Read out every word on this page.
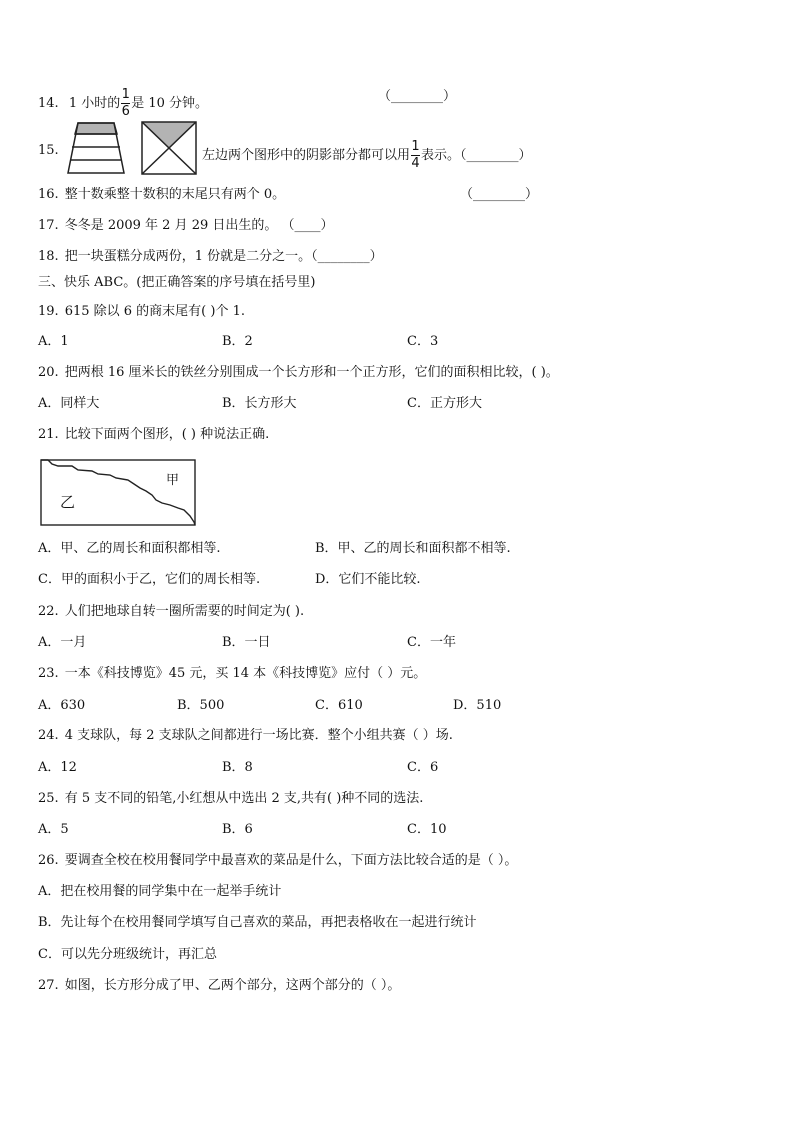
14. 1 小时的 $\frac{1}{6}$ 是 10 分钟。	（________）
15.	左边两个图形中的阴影部分都可以用 $\frac{1}{4}$ 表示。（________）
16. 整十数乘整十数积的末尾只有两个 0。	（________）
17. 冬冬是 2009 年 2 月 29 日出生的。 （____）
18. 把一块蛋糕分成两份，1 份就是二分之一。（________）
三、快乐 ABC。(把正确答案的序号填在括号里)
19. 615 除以 6 的商末尾有( )个 1.
A．1	B．2	C．3
20. 把两根 16 厘米长的铁丝分别围成一个长方形和一个正方形，它们的面积相比较，( )。
A．同样大	B．长方形大	C．正方形大
21. 比较下面两个图形，( ) 种说法正确.
甲
乙
A．甲、乙的周长和面积都相等.	B．甲、乙的周长和面积都不相等.
C．甲的面积小于乙，它们的周长相等.	D．它们不能比较.
22. 人们把地球自转一圈所需要的时间定为( ).
A．一月	B．一日	C．一年
23. 一本《科技博览》45 元，买 14 本《科技博览》应付（ ）元。
A．630	B．500	C．610	D．510
24. 4 支球队，每 2 支球队之间都进行一场比赛．整个小组共赛（ ）场.
A．12	B．8	C．6
25. 有 5 支不同的铅笔,小红想从中选出 2 支,共有( )种不同的选法.
A．5	B．6	C．10
26. 要调查全校在校用餐同学中最喜欢的菜品是什么，下面方法比较合适的是（ ）。
A．把在校用餐的同学集中在一起举手统计
B．先让每个在校用餐同学填写自己喜欢的菜品，再把表格收在一起进行统计
C．可以先分班级统计，再汇总
27. 如图，长方形分成了甲、乙两个部分，这两个部分的（ ）。
